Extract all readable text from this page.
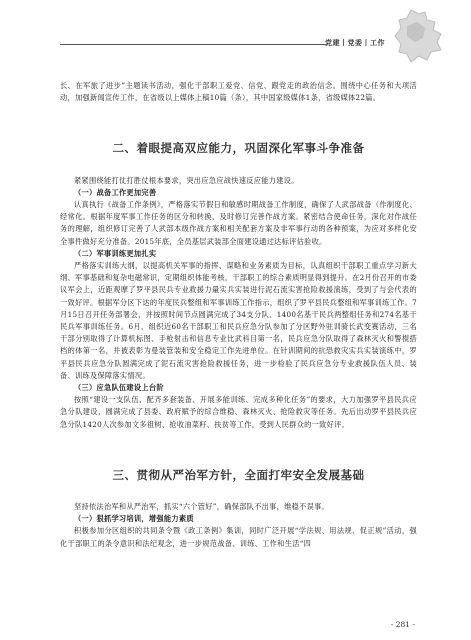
党建丨党委丨工作

长、在军旅了进步”主题读书活动，强化干部职工爱党、信党、跟党走的政治信念。围绕中心任务和大项活动，加强新闻宣传工作，在省级以上媒体上稿10篇（条），其中国家级媒体1条，省级媒体22篇。

二、着眼提高双应能力，巩固深化军事斗争准备

紧紧围绕能打仗打胜仗根本要求，突出应急应战快速反应能力建设。

（一）战备工作更加完善

认真执行《战备工作条例》，严格落实节假日和敏感时期战备工作制度，确保了人武部战备（作制度化、经常化。根据年度军事工作任务的区分和转换，及时修订完善作战方案。紧密结合使命任务，深化对作战任务的理解，组织修订完善了人武部本级作战方案和相关配套方案及非军事行动的各种预案，为应对多样化安全事件做好充分准备。2015年底，全员基层武装部全面建设通过达标评估验收。

（二）军事训练更加扎实

严格落实训练大纲，以提高机关军事的指挥、谋略和业务素质为目标，认真组织干部职工重点学习新大纲、军事基础和复杂电磁常识，定期组织体能考核，干部职工的综合素质明显得到提升。在2月份召开的市委议军会上，近距观摩了罗平县民兵专业救援力量实兵实装进行泥石流实害抢险救援演练，受到了与会代表的一致好评。根据军分区下达的年度民兵整组和军事训练工作指示，组织了罗平县民兵整组和军事训练工作。7月15日召开任务部署会，并按照时间节点圆满完成了34支分队、1400名基干民兵两整组任务和274名基干民兵军事训练任务。6月，组织近60名干部职工和民兵应急分队参加了分区野外驻训骑长武变赛活动，三名干部分别取得了计算机标图、手枪射击和信息专业比武科目第一名，民兵应急分队取得了森林灭火和警棍搭档的体第一名，并被表彰为曼装管装和安全稳定工作先进单位。在针训期间的抗恐救灾实兵实装演练中，罗平县民兵应急分队圆满完成了泥石流灾害抢险救援任务，进一步检验了民兵应急分专业救援队伍人员、装备、训练及保障落实情况。

（三）应急队伍建设上台阶

按照“建设一支队伍、配齐多套装备、开展多能训练、完成多种化任务”的要求，大力加强罗平县民兵应急分队建设，圆满完成了县委、政府赋予的综合维稳、森林灭火、抢险救灾等任务。先后出动罗平县民兵应急分队1420人次参加文多祖树、抢收油菜籽、扶贫等工作，受到人民群众的一致好评。

三、贯彻从严治军方针，全面打牢安全发展基础

坚持依法治军和从严治军，抓实“六个管好”，确保部队不出事，维稳不误事。

（一）狠抓学习培训，增强能力素质

积极参加分区组织的共同条令暨《政工条例》集训，同时广泛开展“学法规、用法规、促正规”活动，强化干部职工的条令意识和法纪观念，进一步规范战备、训练、工作和生活“四

- 281 -
